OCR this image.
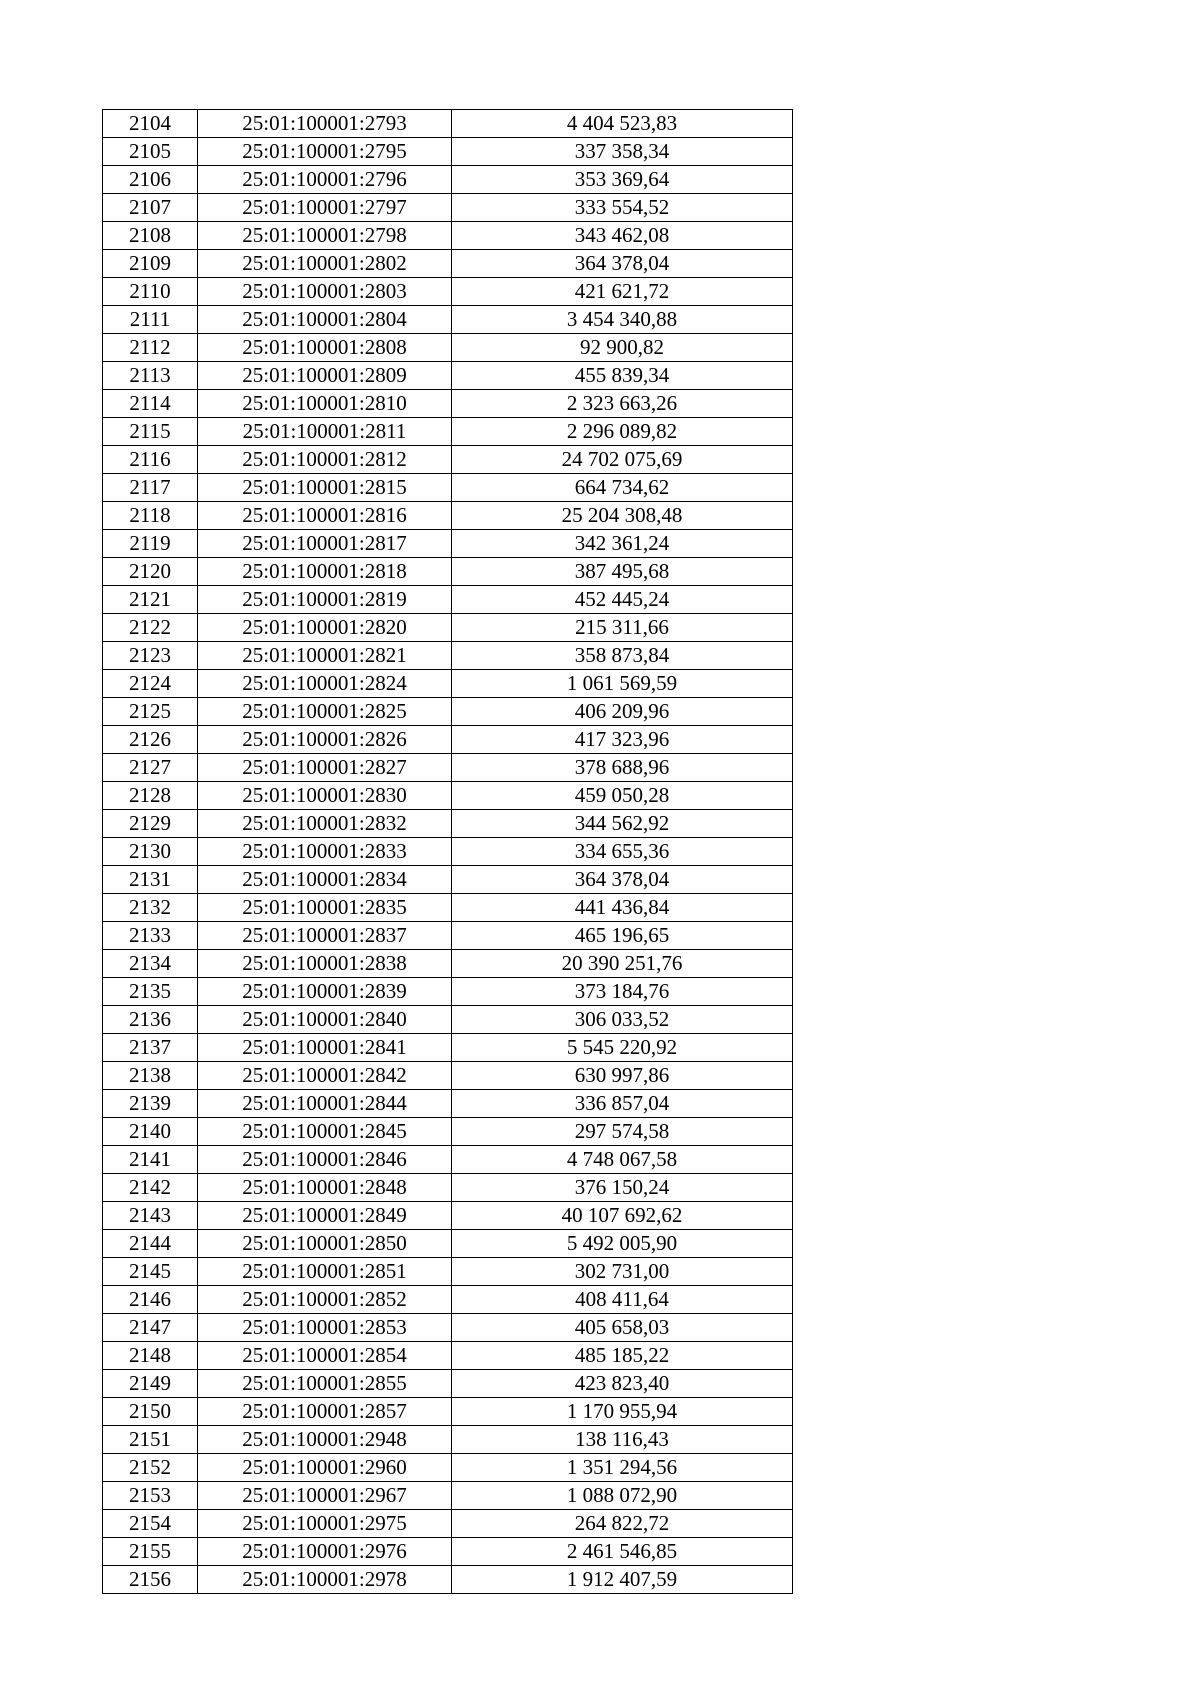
2104	25:01:100001:2793	4 404 523,83
2105	25:01:100001:2795	337 358,34
2106	25:01:100001:2796	353 369,64
2107	25:01:100001:2797	333 554,52
2108	25:01:100001:2798	343 462,08
2109	25:01:100001:2802	364 378,04
2110	25:01:100001:2803	421 621,72
2111	25:01:100001:2804	3 454 340,88
2112	25:01:100001:2808	92 900,82
2113	25:01:100001:2809	455 839,34
2114	25:01:100001:2810	2 323 663,26
2115	25:01:100001:2811	2 296 089,82
2116	25:01:100001:2812	24 702 075,69
2117	25:01:100001:2815	664 734,62
2118	25:01:100001:2816	25 204 308,48
2119	25:01:100001:2817	342 361,24
2120	25:01:100001:2818	387 495,68
2121	25:01:100001:2819	452 445,24
2122	25:01:100001:2820	215 311,66
2123	25:01:100001:2821	358 873,84
2124	25:01:100001:2824	1 061 569,59
2125	25:01:100001:2825	406 209,96
2126	25:01:100001:2826	417 323,96
2127	25:01:100001:2827	378 688,96
2128	25:01:100001:2830	459 050,28
2129	25:01:100001:2832	344 562,92
2130	25:01:100001:2833	334 655,36
2131	25:01:100001:2834	364 378,04
2132	25:01:100001:2835	441 436,84
2133	25:01:100001:2837	465 196,65
2134	25:01:100001:2838	20 390 251,76
2135	25:01:100001:2839	373 184,76
2136	25:01:100001:2840	306 033,52
2137	25:01:100001:2841	5 545 220,92
2138	25:01:100001:2842	630 997,86
2139	25:01:100001:2844	336 857,04
2140	25:01:100001:2845	297 574,58
2141	25:01:100001:2846	4 748 067,58
2142	25:01:100001:2848	376 150,24
2143	25:01:100001:2849	40 107 692,62
2144	25:01:100001:2850	5 492 005,90
2145	25:01:100001:2851	302 731,00
2146	25:01:100001:2852	408 411,64
2147	25:01:100001:2853	405 658,03
2148	25:01:100001:2854	485 185,22
2149	25:01:100001:2855	423 823,40
2150	25:01:100001:2857	1 170 955,94
2151	25:01:100001:2948	138 116,43
2152	25:01:100001:2960	1 351 294,56
2153	25:01:100001:2967	1 088 072,90
2154	25:01:100001:2975	264 822,72
2155	25:01:100001:2976	2 461 546,85
2156	25:01:100001:2978	1 912 407,59
